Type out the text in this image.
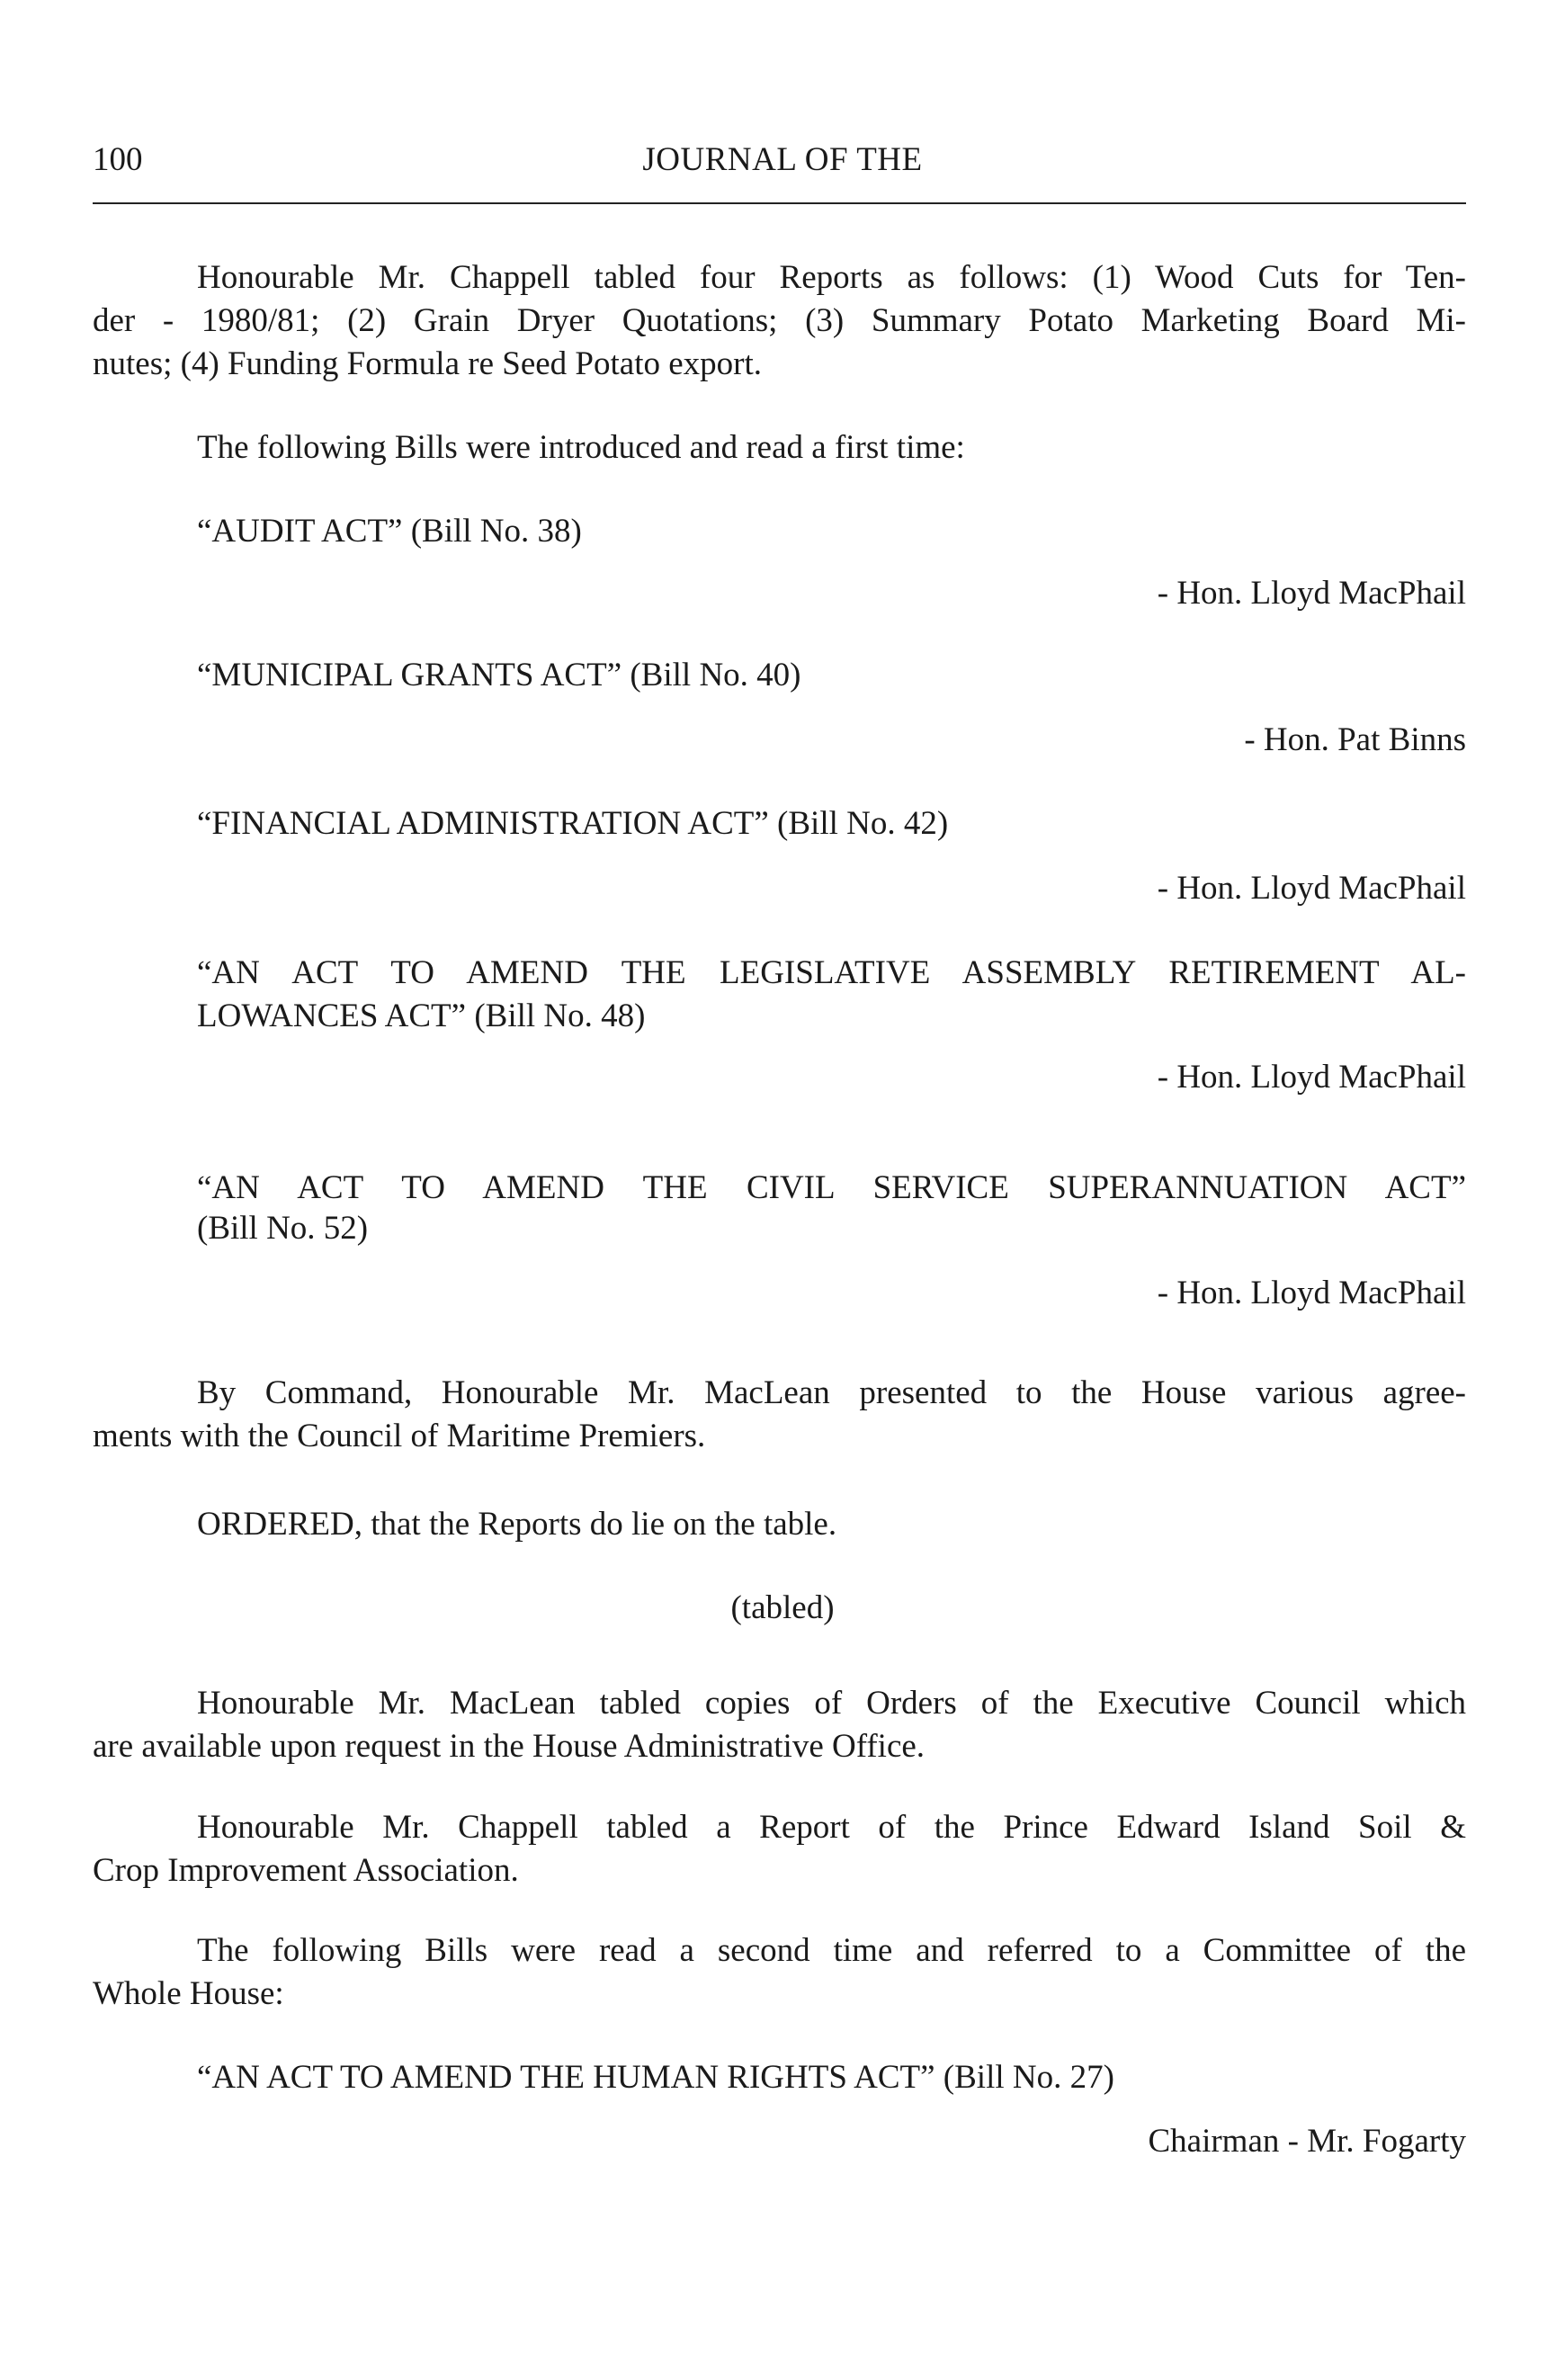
100	JOURNAL OF THE
Honourable Mr. Chappell tabled four Reports as follows: (1) Wood Cuts for Ten-
der - 1980/81; (2) Grain Dryer Quotations; (3) Summary Potato Marketing Board Mi-
nutes; (4) Funding Formula re Seed Potato export.
The following Bills were introduced and read a first time:
“AUDIT ACT” (Bill No. 38)
- Hon. Lloyd MacPhail
“MUNICIPAL GRANTS ACT” (Bill No. 40)
- Hon. Pat Binns
“FINANCIAL ADMINISTRATION ACT” (Bill No. 42)
- Hon. Lloyd MacPhail
“AN ACT TO AMEND THE LEGISLATIVE ASSEMBLY RETIREMENT AL-
LOWANCES ACT” (Bill No. 48)
- Hon. Lloyd MacPhail
“AN ACT TO AMEND THE CIVIL SERVICE SUPERANNUATION ACT”
(Bill No. 52)
- Hon. Lloyd MacPhail
By Command, Honourable Mr. MacLean presented to the House various agree-
ments with the Council of Maritime Premiers.
ORDERED, that the Reports do lie on the table.
(tabled)
Honourable Mr. MacLean tabled copies of Orders of the Executive Council which
are available upon request in the House Administrative Office.
Honourable Mr. Chappell tabled a Report of the Prince Edward Island Soil &
Crop Improvement Association.
The following Bills were read a second time and referred to a Committee of the
Whole House:
“AN ACT TO AMEND THE HUMAN RIGHTS ACT” (Bill No. 27)
Chairman - Mr. Fogarty
